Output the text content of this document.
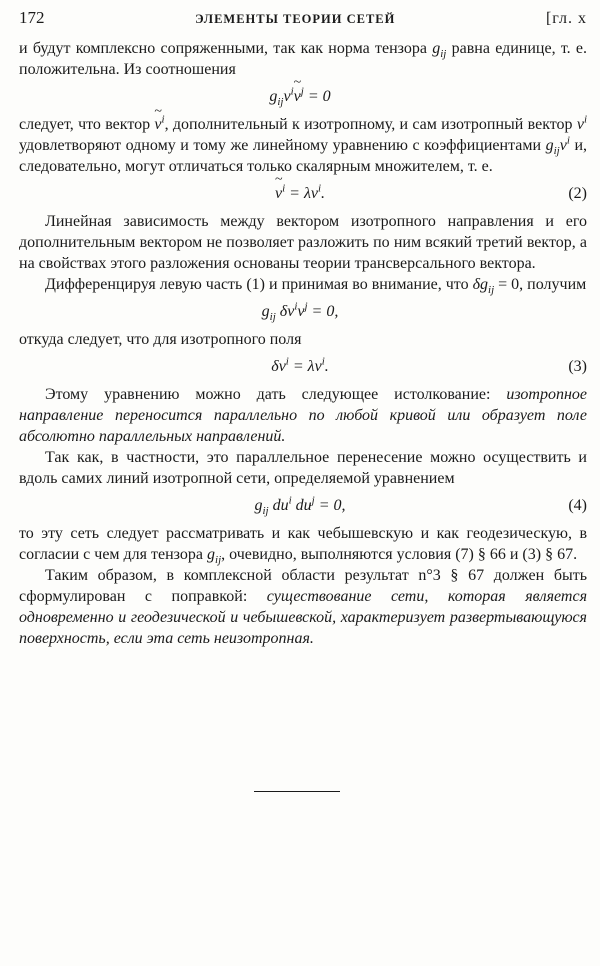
172	ЭЛЕМЕНТЫ ТЕОРИИ СЕТЕЙ	[гл. x

и будут комплексно сопряженными, так как норма тензора $g_{ij}$ равна единице, т. е. положительна. Из соотношения

$g_{ij}v^i\sim$ $v^j = 0$

следует, что вектор ~ $v^i$, дополнительный к изотропному, и сам изотропный вектор $v^i$ удовлетворяют одному и тому же линейному уравнению с коэффициентами $g_{ij}v^i$ и, следовательно, могут отличаться только скалярным множителем, т. е.

~ $v^i = \lambda v^i$.	(2)

Линейная зависимость между вектором изотропного направления и его дополнительным вектором не позволяет разложить по ним всякий третий вектор, а на свойствах этого разложения основаны теории трансверсального вектора.

Дифференцируя левую часть (1) и принимая во внимание, что $\delta g_{ij} = 0$, получим

$g_{ij}$ $\delta v^iv^j = 0$,

откуда следует, что для изотропного поля

$\delta v^i = \lambda v^i$.	(3)

Этому уравнению можно дать следующее истолкование: изотропное направление переносится параллельно по любой кривой или образует поле абсолютно параллельных направлений.

Так как, в частности, это параллельное перенесение можно осуществить и вдоль самих линий изотропной сети, определяемой уравнением

$g_{ij}$ $du^i$ $du^j = 0$,	(4)

то эту сеть следует рассматривать и как чебышевскую и как геодезическую, в согласии с чем для тензора $g_{ij}$, очевидно, выполняются условия (7) § 66 и (3) § 67.

Таким образом, в комплексной области результат n°3 § 67 должен быть сформулирован с поправкой: существование сети, которая является одновременно и геодезической и чебышевской, характеризует развертывающуюся поверхность, если эта сеть неизотропная.
